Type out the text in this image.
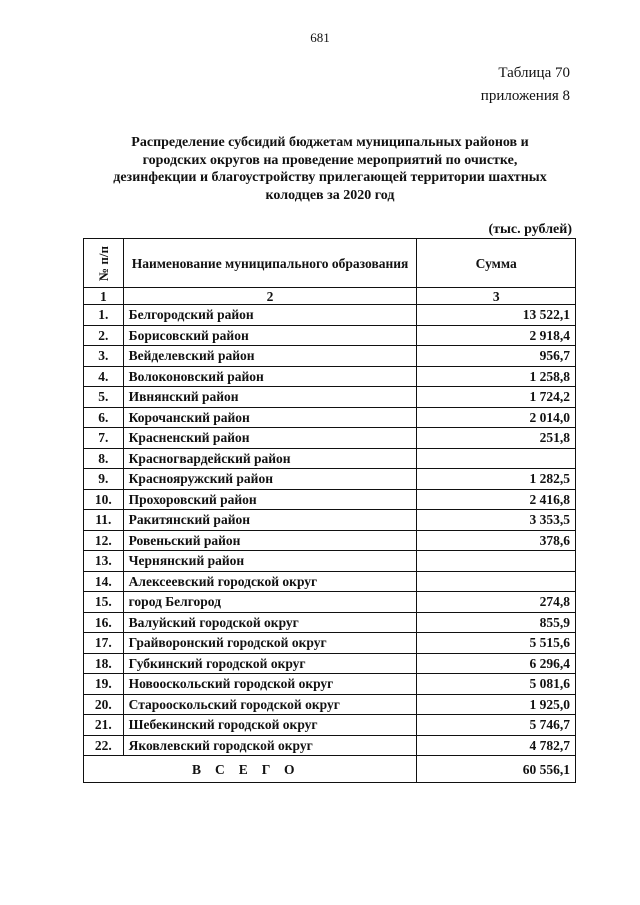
681
Таблица 70
приложения 8
Распределение субсидий бюджетам муниципальных районов и городских округов на проведение мероприятий по очистке, дезинфекции и благоустройству прилегающей территории шахтных колодцев за 2020 год
(тыс. рублей)
№ п/п	Наименование муниципального образования	Сумма
1	2	3
1.	Белгородский район	13 522,1
2.	Борисовский район	2 918,4
3.	Вейделевский район	956,7
4.	Волоконовский район	1 258,8
5.	Ивнянский район	1 724,2
6.	Корочанский район	2 014,0
7.	Красненский район	251,8
8.	Красногвардейский район	
9.	Краснояружский район	1 282,5
10.	Прохоровский район	2 416,8
11.	Ракитянский район	3 353,5
12.	Ровеньский район	378,6
13.	Чернянский район	
14.	Алексеевский городской округ	
15.	город Белгород	274,8
16.	Валуйский городской округ	855,9
17.	Грайворонский городской округ	5 515,6
18.	Губкинский городской округ	6 296,4
19.	Новооскольский городской округ	5 081,6
20.	Старооскольский городской округ	1 925,0
21.	Шебекинский городской округ	5 746,7
22.	Яковлевский городской округ	4 782,7
ВСЕГО		60 556,1
